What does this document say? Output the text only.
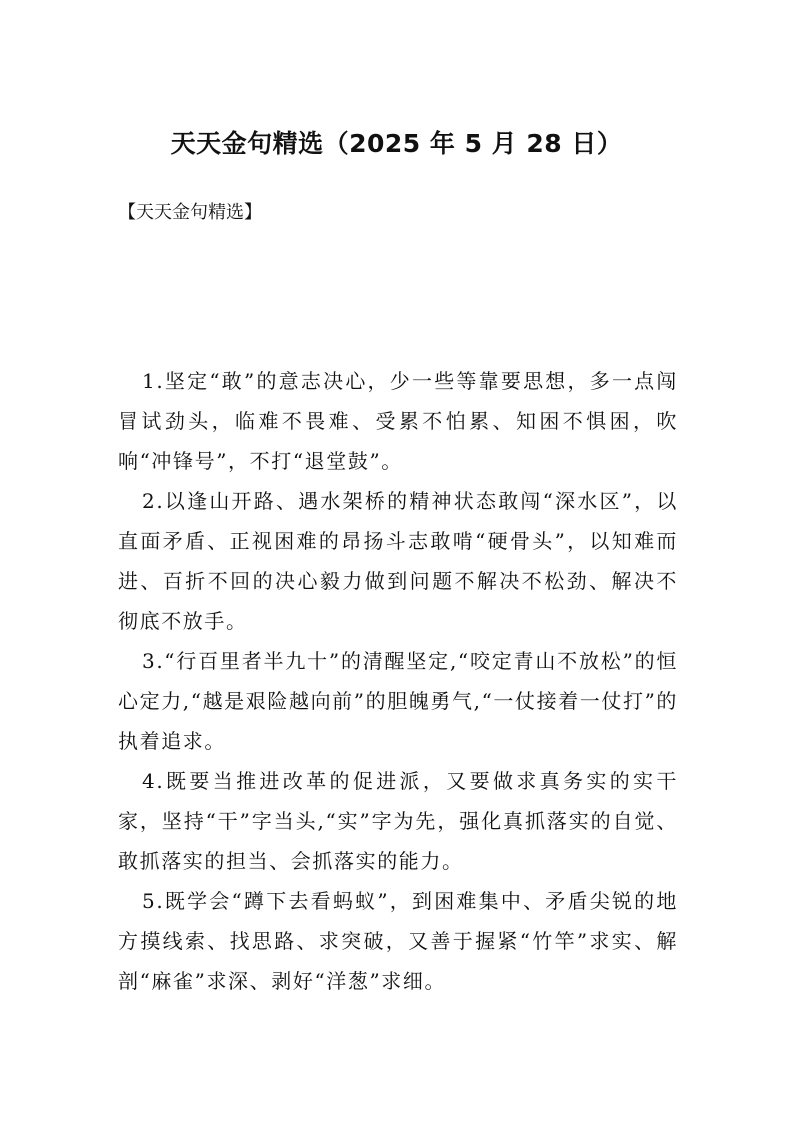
天天金句精选（2025 年 5 月 28 日）
【天天金句精选】

1.坚定“敢”的意志决心，少一些等靠要思想，多一点闯冒试劲头，临难不畏难、受累不怕累、知困不惧困，吹响“冲锋号”，不打“退堂鼓”。

2.以逢山开路、遇水架桥的精神状态敢闯“深水区”，以直面矛盾、正视困难的昂扬斗志敢啃“硬骨头”，以知难而进、百折不回的决心毅力做到问题不解决不松劲、解决不彻底不放手。

3.“行百里者半九十”的清醒坚定,“咬定青山不放松”的恒心定力,“越是艰险越向前”的胆魄勇气,“一仗接着一仗打”的执着追求。

4.既要当推进改革的促进派，又要做求真务实的实干家，坚持“干”字当头,“实”字为先，强化真抓落实的自觉、敢抓落实的担当、会抓落实的能力。

5.既学会“蹲下去看蚂蚁”，到困难集中、矛盾尖锐的地方摸线索、找思路、求突破，又善于握紧“竹竿”求实、解剖“麻雀”求深、剥好“洋葱”求细。
